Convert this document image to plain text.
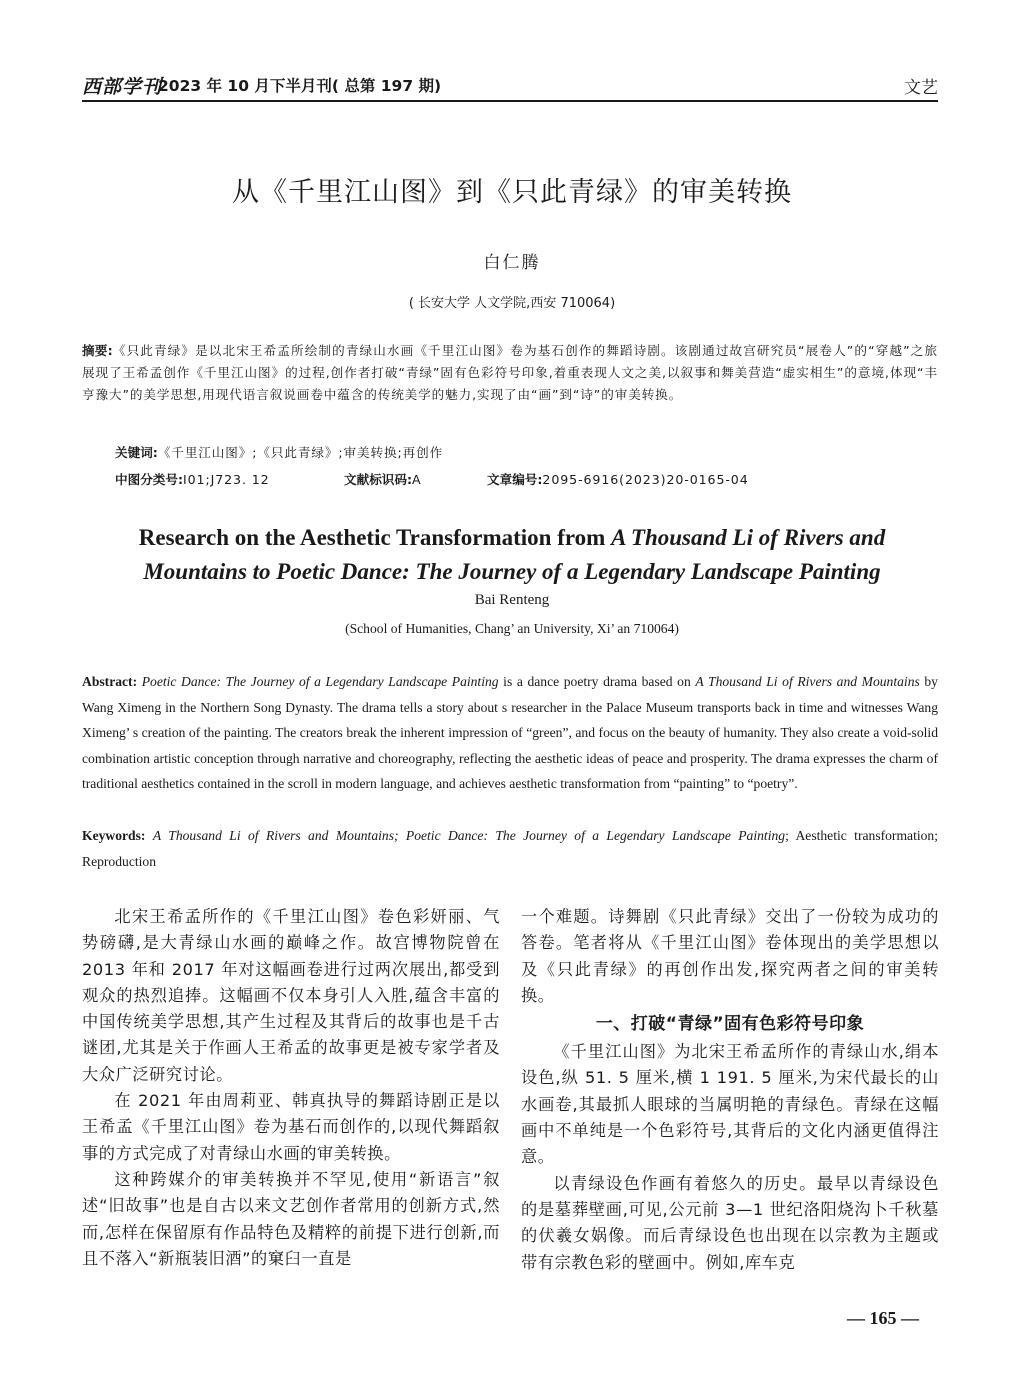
西部学刊
2023 年 10 月下半月刊( 总第 197 期)	文艺
从《千里江山图》到《只此青绿》的审美转换
白仁腾
( 长安大学 人文学院,西安 710064)
摘要:《只此青绿》是以北宋王希孟所绘制的青绿山水画《千里江山图》卷为基石创作的舞蹈诗剧。该剧通过故宫研究员“展卷人”的“穿越”之旅展现了王希孟创作《千里江山图》的过程,创作者打破“青绿”固有色彩符号印象,着重表现人文之美,以叙事和舞美营造“虚实相生”的意境,体现“丰亨豫大”的美学思想,用现代语言叙说画卷中蕴含的传统美学的魅力,实现了由“画”到“诗”的审美转换。
关键词:《千里江山图》;《只此青绿》;审美转换;再创作
中图分类号:I01;J723. 12	文献标识码:A	文章编号:2095-6916(2023)20-0165-04
Research on the Aesthetic Transformation from A Thousand Li of Rivers and
Mountains to Poetic Dance: The Journey of a Legendary Landscape Painting
Bai Renteng
(School of Humanities, Chang’ an University, Xi’ an 710064)
Abstract: Poetic Dance: The Journey of a Legendary Landscape Painting is a dance poetry drama based on A Thousand Li of Rivers and Mountains by Wang Ximeng in the Northern Song Dynasty. The drama tells a story about s researcher in the Palace Museum transports back in time and witnesses Wang Ximeng’ s creation of the painting. The creators break the inherent impression of “green”, and focus on the beauty of humanity. They also create a void-solid combination artistic conception through narrative and choreography, reflecting the aesthetic ideas of peace and prosperity. The drama expresses the charm of traditional aesthetics contained in the scroll in modern language, and achieves aesthetic transformation from “painting” to “poetry”.
Keywords: A Thousand Li of Rivers and Mountains; Poetic Dance: The Journey of a Legendary Landscape Painting; Aesthetic transformation; Reproduction

北宋王希孟所作的《千里江山图》卷色彩妍丽、气势磅礴,是大青绿山水画的巅峰之作。故宫博物院曾在 2013 年和 2017 年对这幅画卷进行过两次展出,都受到观众的热烈追捧。这幅画不仅本身引人入胜,蕴含丰富的中国传统美学思想,其产生过程及其背后的故事也是千古谜团,尤其是关于作画人王希孟的故事更是被专家学者及大众广泛研究讨论。

在 2021 年由周莉亚、韩真执导的舞蹈诗剧正是以王希孟《千里江山图》卷为基石而创作的,以现代舞蹈叙事的方式完成了对青绿山水画的审美转换。

这种跨媒介的审美转换并不罕见,使用“新语言”叙述“旧故事”也是自古以来文艺创作者常用的创新方式,然而,怎样在保留原有作品特色及精粹的前提下进行创新,而且不落入“新瓶装旧酒”的窠臼一直是

一个难题。诗舞剧《只此青绿》交出了一份较为成功的答卷。笔者将从《千里江山图》卷体现出的美学思想以及《只此青绿》的再创作出发,探究两者之间的审美转换。

一、打破“青绿”固有色彩符号印象

《千里江山图》为北宋王希孟所作的青绿山水,绢本设色,纵 51. 5 厘米,横 1 191. 5 厘米,为宋代最长的山水画卷,其最抓人眼球的当属明艳的青绿色。青绿在这幅画中不单纯是一个色彩符号,其背后的文化内涵更值得注意。

以青绿设色作画有着悠久的历史。最早以青绿设色的是墓葬壁画,可见,公元前 3—1 世纪洛阳烧沟卜千秋墓的伏羲女娲像。而后青绿设色也出现在以宗教为主题或带有宗教色彩的壁画中。例如,库车克

— 165 —
